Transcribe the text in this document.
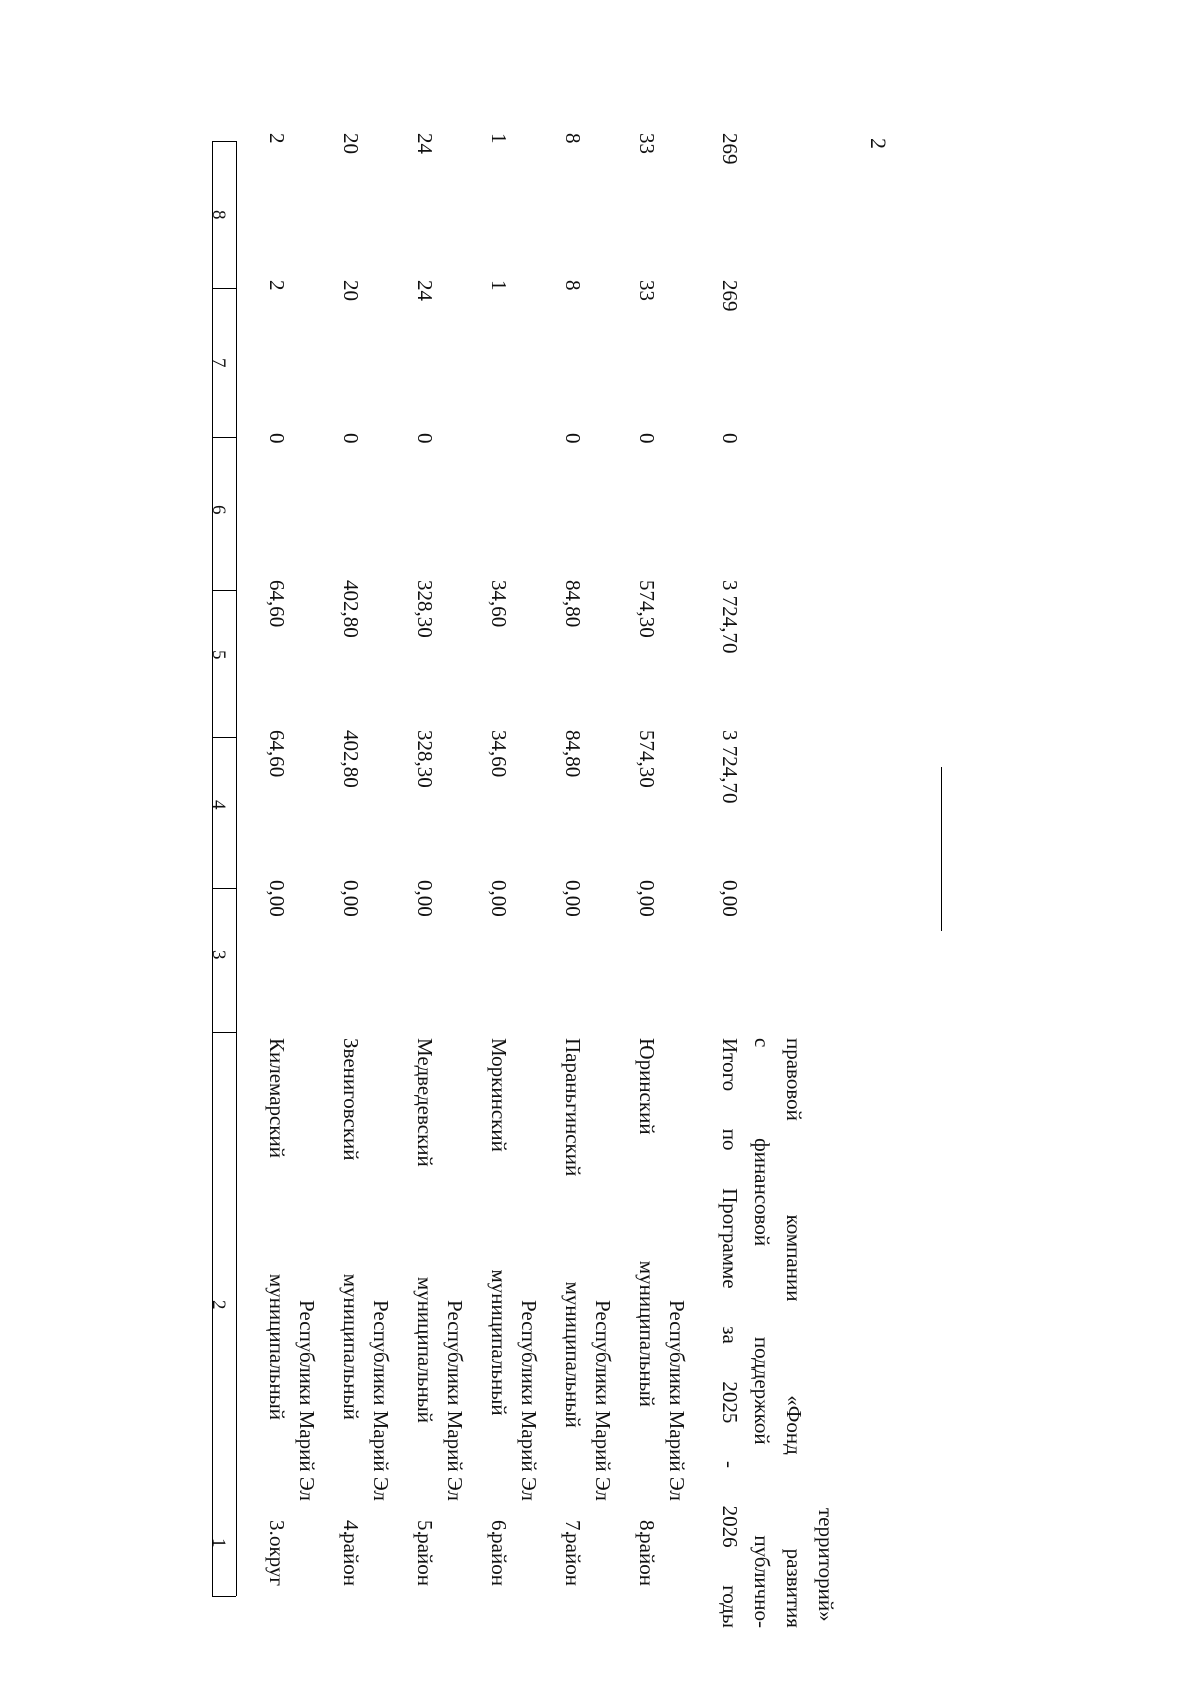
2
1
2
3
4
5
6
7
8
3.
Килемарский
муниципальный
округ
Республики Марий Эл
0,00
64,60
64,60
0
2
2
4.
Звениговский
муниципальный
район
Республики Марий Эл
0,00
402,80
402,80
0
20
20
5.
Медведевский
муниципальный
район
Республики Марий Эл
0,00
328,30
328,30
0
24
24
6.
Моркинский
муниципальный
район
Республики Марий Эл
0,00
34,60
34,60
1
1
7.
Параньгинский
муниципальный
район
Республики Марий Эл
0,00
84,80
84,80
0
8
8
8.
Юринский
муниципальный
район
Республики Марий Эл
0,00
574,30
574,30
0
33
33
Итого
по
Программе
за
2025
-
2026
годы
с
финансовой
поддержкой
публично-
правовой
компании
«Фонд
развития территорий»
0,00
3 724,70
3 724,70
0
269
269
